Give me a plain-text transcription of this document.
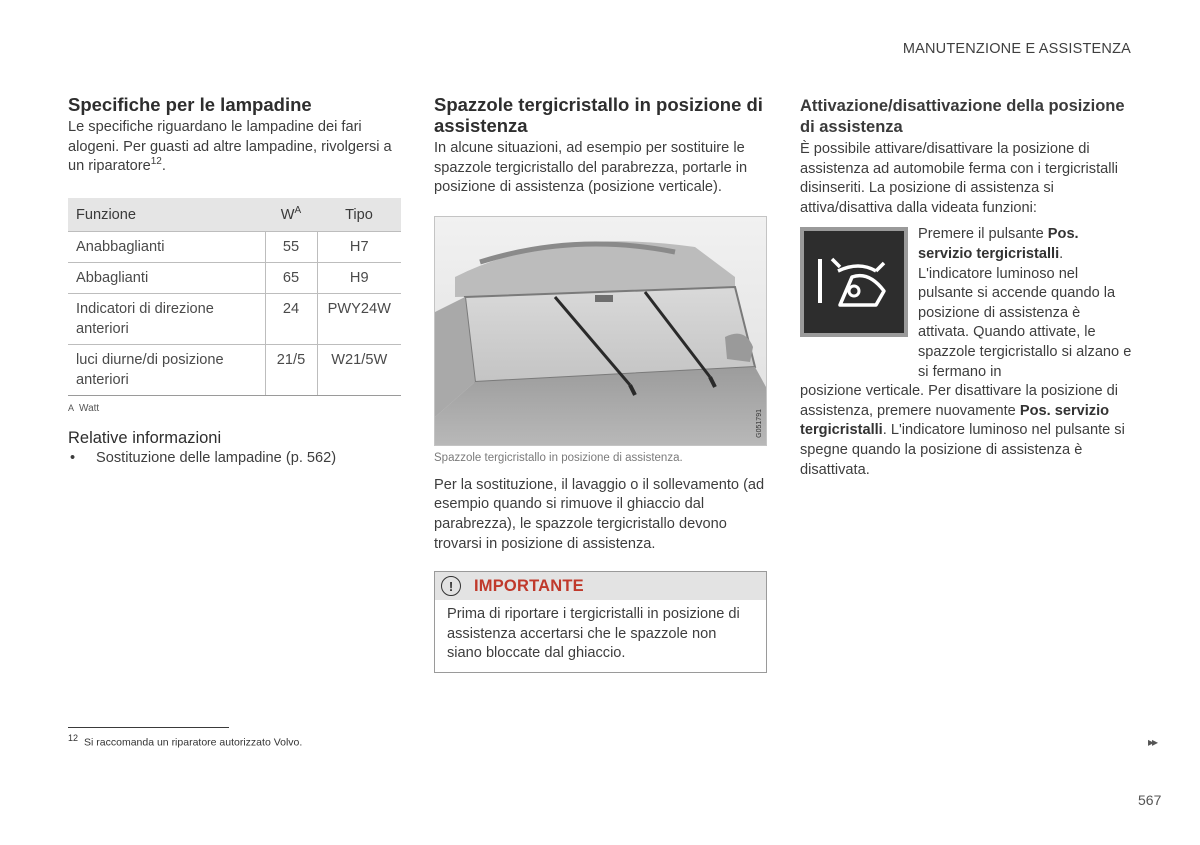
MANUTENZIONE E ASSISTENZA
Specifiche per le lampadine

Le specifiche riguardano le lampadine dei fari alogeni. Per guasti ad altre lampadine, rivolgersi a un riparatore$^{12}$.

Funzione	$W^A$	Tipo
Anabbaglianti	55	H7
Abbaglianti	65	H9
Indicatori di direzione anteriori	24	PWY24W
luci diurne/di posizione anteriori	21/5	W21/5W
A Watt
Relative informazioni
•	Sostituzione delle lampadine (p. 562)
Spazzole tergicristallo in posizione di assistenza

In alcune situazioni, ad esempio per sostituire le spazzole tergicristallo del parabrezza, portarle in posizione di assistenza (posizione verticale).

G051791
Spazzole tergicristallo in posizione di assistenza.

Per la sostituzione, il lavaggio o il sollevamento (ad esempio quando si rimuove il ghiaccio dal parabrezza), le spazzole tergicristallo devono trovarsi in posizione di assistenza.

!	IMPORTANTE
Prima di riportare i tergicristalli in posizione di assistenza accertarsi che le spazzole non siano bloccate dal ghiaccio.
Attivazione/disattivazione della posizione di assistenza

È possibile attivare/disattivare la posizione di assistenza ad automobile ferma con i tergicristalli disinseriti. La posizione di assistenza si attiva/disattiva dalla videata funzioni:

Premere il pulsante Pos. servizio tergicristalli. L'indicatore luminoso nel pulsante si accende quando la posizione di assistenza è attivata. Quando attivate, le spazzole tergicristallo si alzano e si fermano in

posizione verticale. Per disattivare la posizione di assistenza, premere nuovamente Pos. servizio tergicristalli. L'indicatore luminoso nel pulsante si spegne quando la posizione di assistenza è disattivata.

$^{12}$ Si raccomanda un riparatore autorizzato Volvo.	▸▸
567
